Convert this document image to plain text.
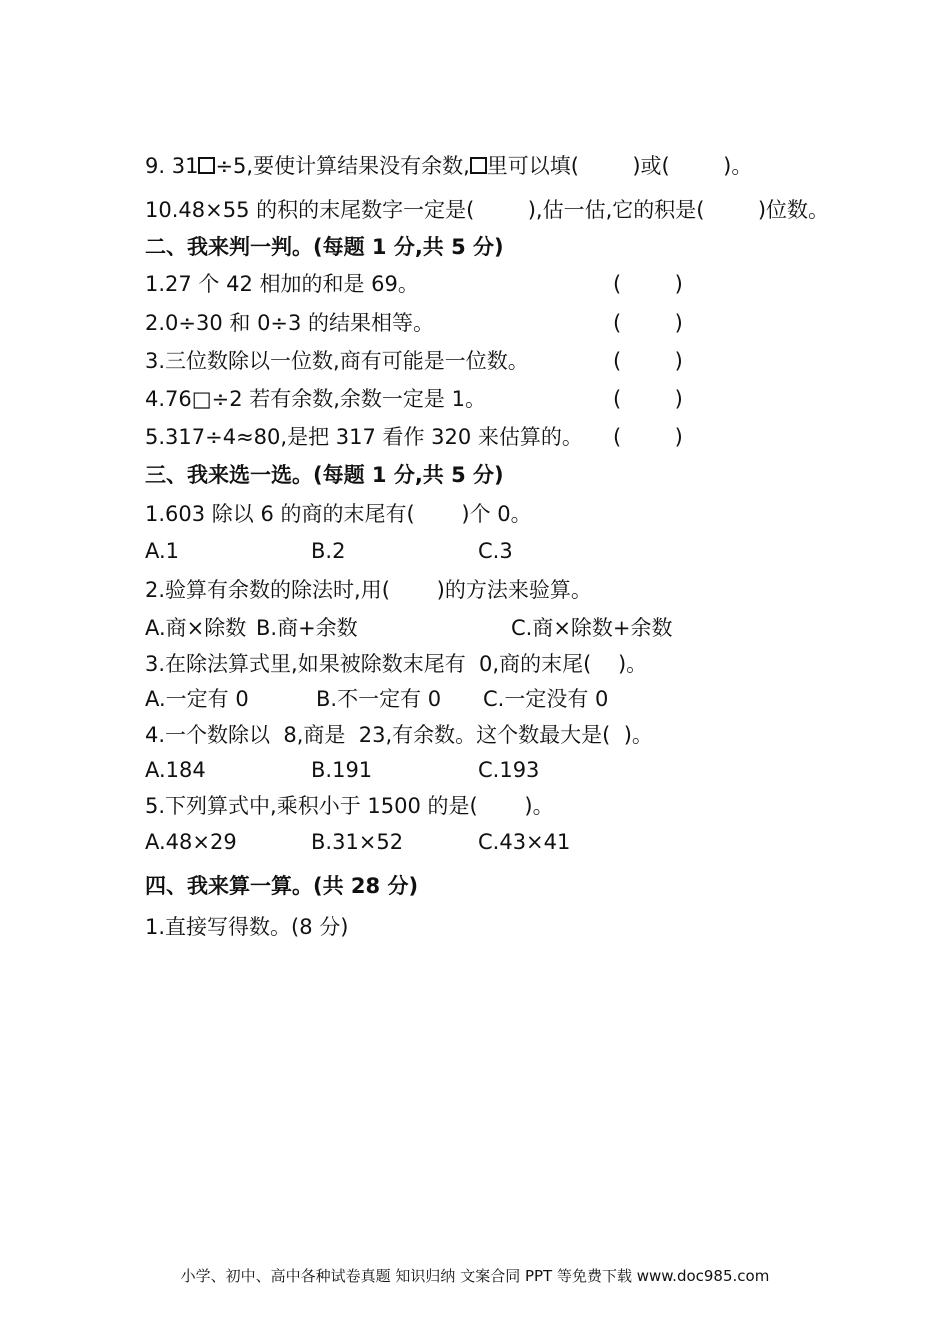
9. 31 ÷5,要使计算结果没有余数, 里可以填(        )或(        )。
10.48×55 的积的末尾数字一定是(        ),估一估,它的积是(        )位数。
二、我来判一判。(每题 1 分,共 5 分)
1.27 个 42 相加的和是 69。	(        )
2.0÷30 和 0÷3 的结果相等。	(        )
3.三位数除以一位数,商有可能是一位数。	(        )
4.76□÷2 若有余数,余数一定是 1。	(        )
5.317÷4≈80,是把 317 看作 320 来估算的。 (        )
三、我来选一选。(每题 1 分,共 5 分)
1.603 除以 6 的商的末尾有(       )个 0。
A.1	B.2	C.3
2.验算有余数的除法时,用(       )的方法来验算。
A.商×除数 B.商+余数	C.商×除数+余数
3.在除法算式里,如果被除数末尾有  0,商的末尾(    )。
A.一定有 0	B.不一定有 0 C.一定没有 0
4.一个数除以  8,商是  23,有余数。这个数最大是(  )。
A.184	B.191	C.193
5.下列算式中,乘积小于 1500 的是(       )。
A.48×29	B.31×52	C.43×41
四、我来算一算。(共 28 分)
1.直接写得数。(8 分)
小学、初中、高中各种试卷真题 知识归纳 文案合同 PPT 等免费下载 www.doc985.com
